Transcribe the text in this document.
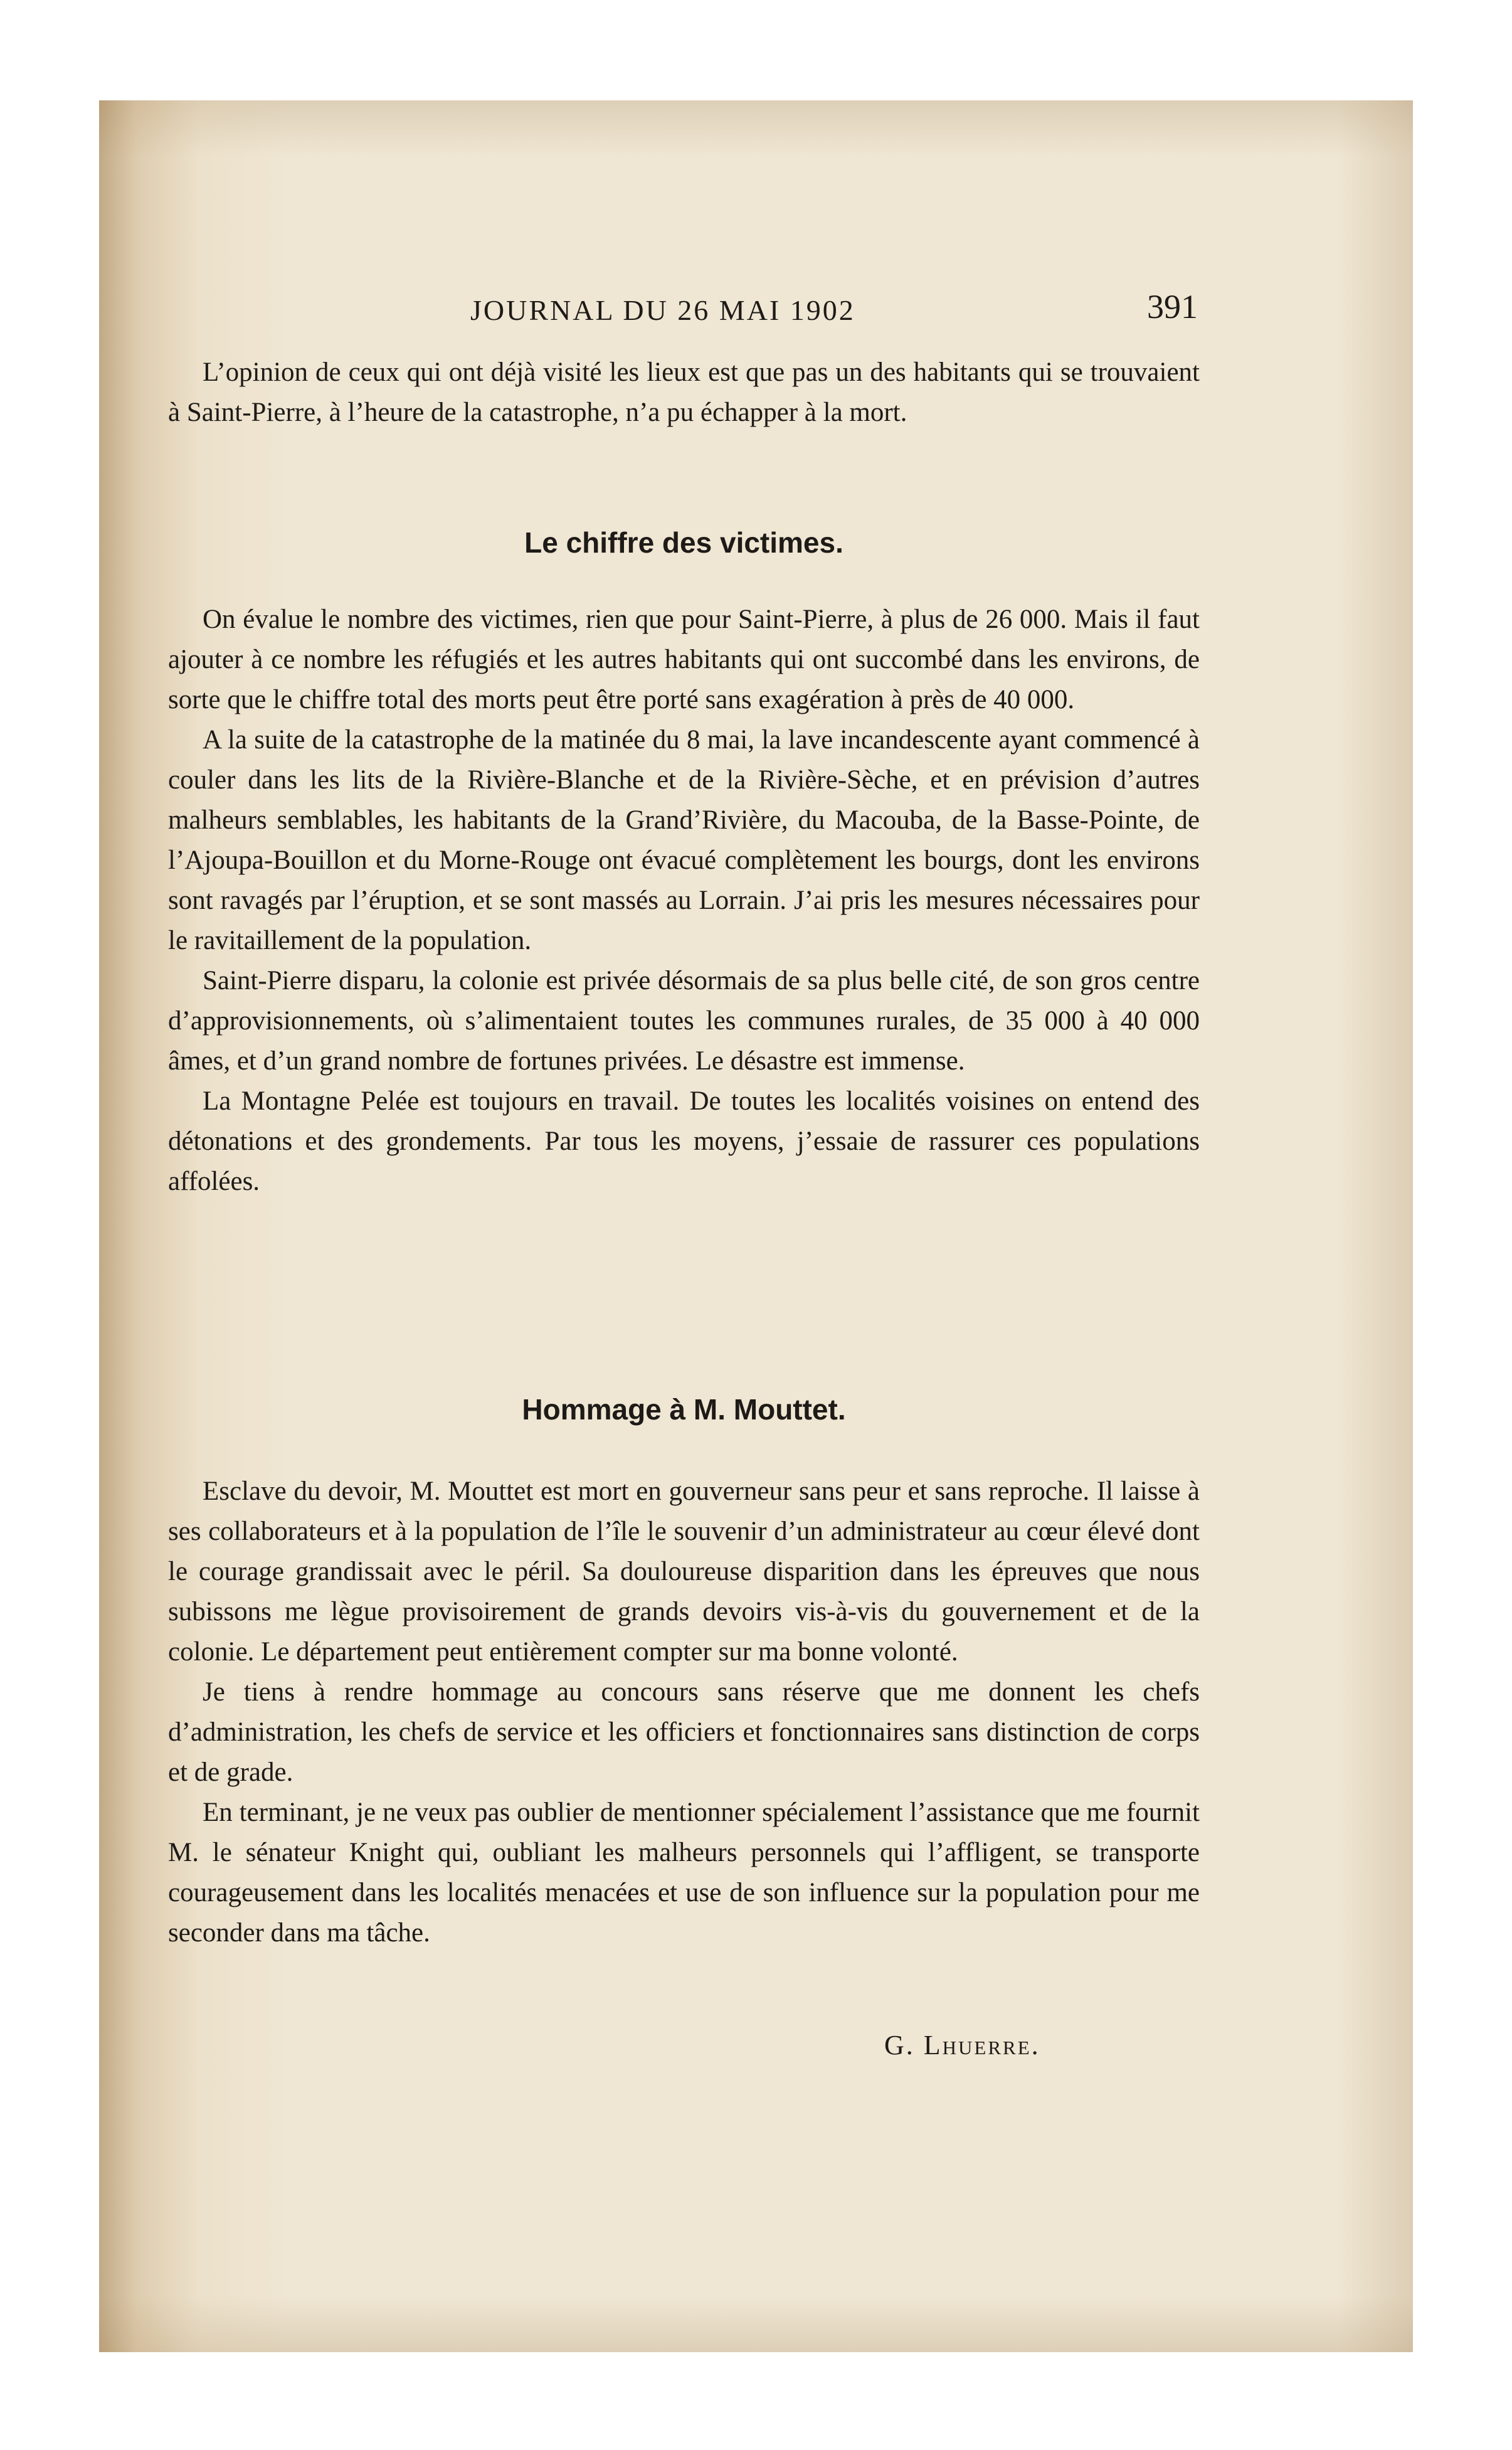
JOURNAL DU 26 MAI 1902	391

L’opinion de ceux qui ont déjà visité les lieux est que pas un des habitants qui se trouvaient à Saint-Pierre, à l’heure de la catastrophe, n’a pu échapper à la mort.

Le chiffre des victimes.

On évalue le nombre des victimes, rien que pour Saint-Pierre, à plus de 26 000. Mais il faut ajouter à ce nombre les réfugiés et les autres habitants qui ont succombé dans les environs, de sorte que le chiffre total des morts peut être porté sans exagération à près de 40 000.

A la suite de la catastrophe de la matinée du 8 mai, la lave incandescente ayant commencé à couler dans les lits de la Rivière-Blanche et de la Rivière-Sèche, et en prévision d’autres malheurs semblables, les habitants de la Grand’Rivière, du Macouba, de la Basse-Pointe, de l’Ajoupa-Bouillon et du Morne-Rouge ont évacué complètement les bourgs, dont les environs sont ravagés par l’éruption, et se sont massés au Lorrain. J’ai pris les mesures nécessaires pour le ravitaillement de la population.

Saint-Pierre disparu, la colonie est privée désormais de sa plus belle cité, de son gros centre d’approvisionnements, où s’alimentaient toutes les communes rurales, de 35 000 à 40 000 âmes, et d’un grand nombre de fortunes privées. Le désastre est immense.

La Montagne Pelée est toujours en travail. De toutes les localités voisines on entend des détonations et des grondements. Par tous les moyens, j’essaie de rassurer ces populations affolées.

Hommage à M. Mouttet.

Esclave du devoir, M. Mouttet est mort en gouverneur sans peur et sans reproche. Il laisse à ses collaborateurs et à la population de l’île le souvenir d’un administrateur au cœur élevé dont le courage grandissait avec le péril. Sa douloureuse disparition dans les épreuves que nous subissons me lègue provisoirement de grands devoirs vis-à-vis du gouvernement et de la colonie. Le département peut entièrement compter sur ma bonne volonté.

Je tiens à rendre hommage au concours sans réserve que me donnent les chefs d’administration, les chefs de service et les officiers et fonctionnaires sans distinction de corps et de grade.

En terminant, je ne veux pas oublier de mentionner spécialement l’assistance que me fournit M. le sénateur Knight qui, oubliant les malheurs personnels qui l’affligent, se transporte courageusement dans les localités menacées et use de son influence sur la population pour me seconder dans ma tâche.

G. Lhuerre.
